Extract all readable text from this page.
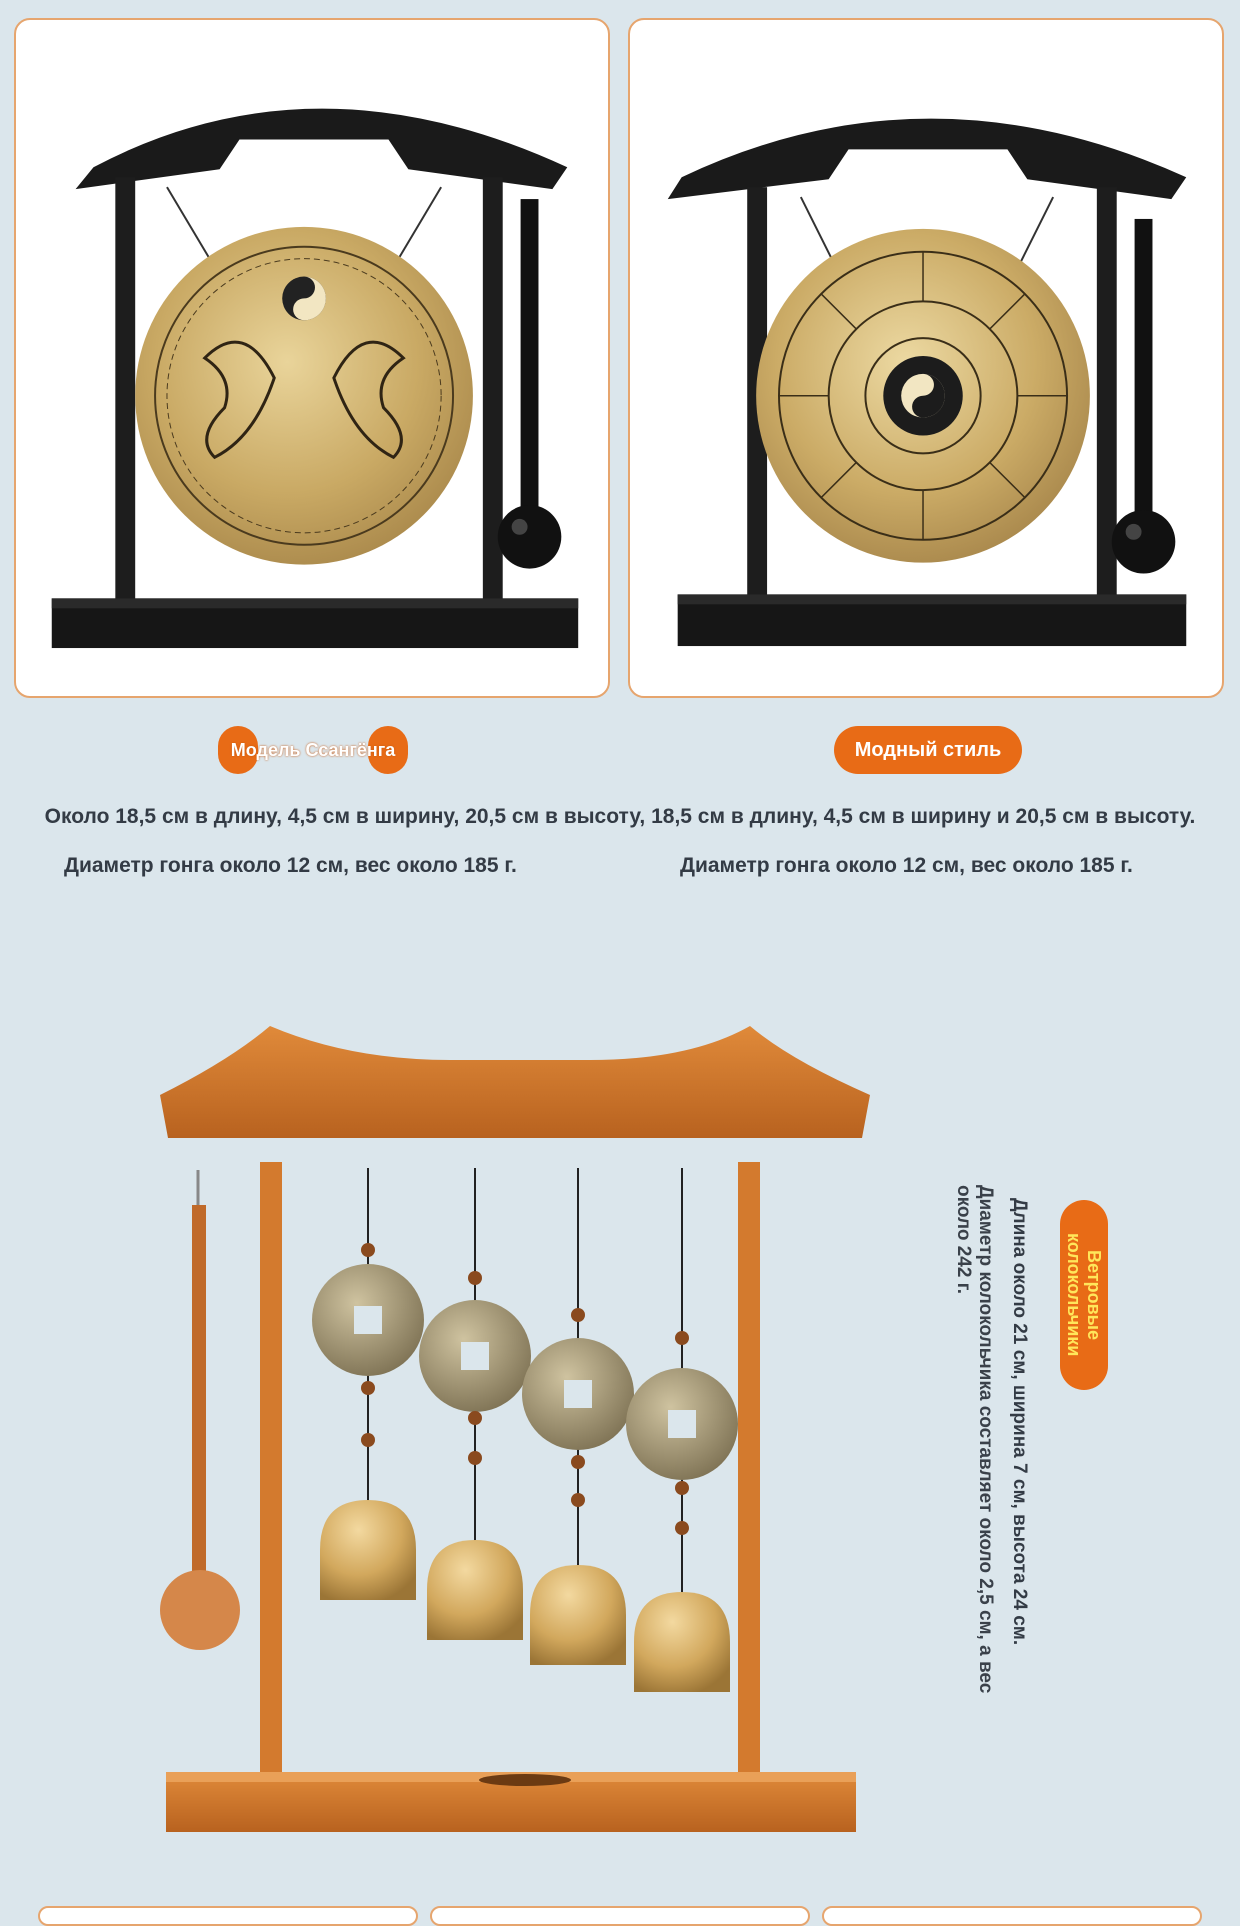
Модель Ссангёнга	Модный стиль
Около 18,5 см в длину, 4,5 см в ширину, 20,5 см в высоту, 18,5 см в длину, 4,5 см в ширину и 20,5 см в высоту.
Диаметр гонга около 12 см, вес около 185 г.	Диаметр гонга около 12 см, вес около 185 г.
Ветровые колокольчики
Длина около 21 см, ширина 7 см, высота 24 см.
Диаметр колокольчика составляет около 2,5 см, а вес около 242 г.
